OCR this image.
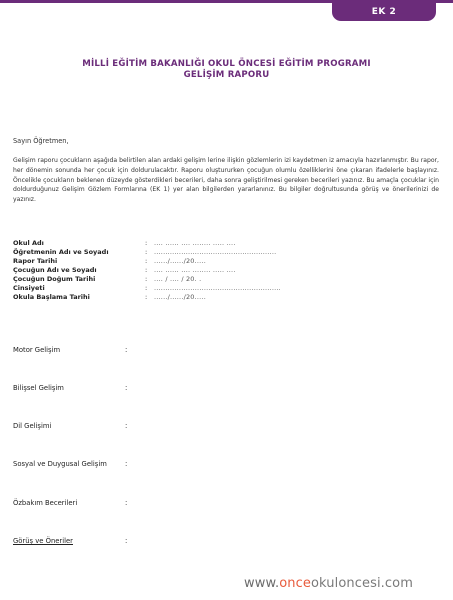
EK 2
MİLLİ EĞİTİM BAKANLIĞI OKUL ÖNCESİ EĞİTİM PROGRAMI
GELİŞİM RAPORU
Sayın Öğretmen,
Gelişim raporu çocukların aşağıda belirtilen alan ardaki gelişim lerine ilişkin gözlemlerin izi kaydetmen iz amacıyla hazırlanmıştır. Bu rapor, her dönemin sonunda her çocuk için doldurulacaktır. Raporu oluştururken çocuğun olumlu özelliklerini öne çıkaran ifadelerle başlayınız. Öncelikle çocukların beklenen düzeyde gösterdikleri becerileri, daha sonra geliştirilmesi gereken becerileri yazınız. Bu amaçla çocuklar için doldurduğunuz Gelişim Gözlem Formlarına (EK 1) yer alan bilgilerden yararlanınız. Bu bilgiler doğrultusunda görüş ve önerilerinizi de yazınız.
Okul Adı	: .... ...... .... ........ ..... ....
Öğretmenin Adı ve Soyadı	: ......................................................
Rapor Tarihi	: ....../....../20.....
Çocuğun Adı ve Soyadı	: .... ...... .... ........ ..... ....
Çocuğun Doğum Tarihi	: .... / .... / 20. .
Cinsiyeti	: ........................................................
Okula Başlama Tarihi	: ....../....../20.....
Motor Gelişim	:
Bilişsel Gelişim	:
Dil Gelişimi	:
Sosyal ve Duygusal Gelişim	:
Özbakım Becerileri	:
Görüş ve Öneriler	:
www.onceokuloncesi.com
